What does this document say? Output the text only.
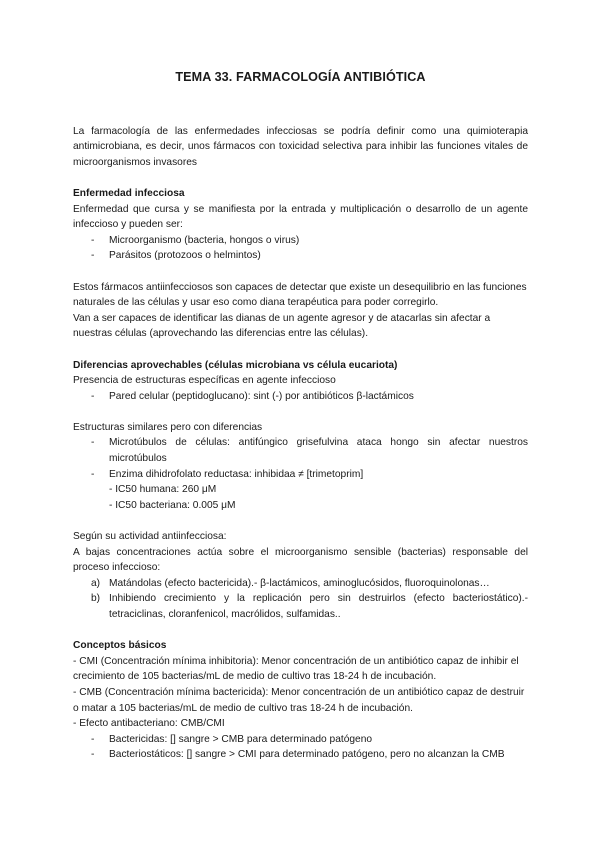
TEMA 33. FARMACOLOGÍA ANTIBIÓTICA

La farmacología de las enfermedades infecciosas se podría definir como una quimioterapia antimicrobiana, es decir, unos fármacos con toxicidad selectiva para inhibir las funciones vitales de microorganismos invasores

Enfermedad infecciosa

Enfermedad que cursa y se manifiesta por la entrada y multiplicación o desarrollo de un agente infeccioso y pueden ser:

- Microorganismo (bacteria, hongos o virus)
- Parásitos (protozoos o helmintos)

Estos fármacos antiinfecciosos son capaces de detectar que existe un desequilibrio en las funciones naturales de las células y usar eso como diana terapéutica para poder corregirlo.

Van a ser capaces de identificar las dianas de un agente agresor y de atacarlas sin afectar a nuestras células (aprovechando las diferencias entre las células).

Diferencias aprovechables (células microbiana vs célula eucariota)

Presencia de estructuras específicas en agente infeccioso

- Pared celular (peptidoglucano): sint (-) por antibióticos β-lactámicos

Estructuras similares pero con diferencias

- Microtúbulos de células: antifúngico grisefulvina ataca hongo sin afectar nuestros microtúbulos
- Enzima dihidrofolato reductasa: inhibidaa ≠ [trimetoprim]
- IC50 humana: 260 μM
- IC50 bacteriana: 0.005 μM

Según su actividad antiinfecciosa:

A bajas concentraciones actúa sobre el microorganismo sensible (bacterias) responsable del proceso infeccioso:

a) Matándolas (efecto bactericida).- β-lactámicos, aminoglucósidos, fluoroquinolonas…
b) Inhibiendo crecimiento y la replicación pero sin destruirlos (efecto bacteriostático).- tetraciclinas, cloranfenicol, macrólidos, sulfamidas..

Conceptos básicos

- CMI (Concentración mínima inhibitoria): Menor concentración de un antibiótico capaz de inhibir el crecimiento de 105 bacterias/mL de medio de cultivo tras 18-24 h de incubación.

- CMB (Concentración mínima bactericida): Menor concentración de un antibiótico capaz de destruir o matar a 105 bacterias/mL de medio de cultivo tras 18-24 h de incubación.

- Efecto antibacteriano: CMB/CMI

- Bactericidas: [] sangre > CMB para determinado patógeno
- Bacteriostáticos: [] sangre > CMI para determinado patógeno, pero no alcanzan la CMB
